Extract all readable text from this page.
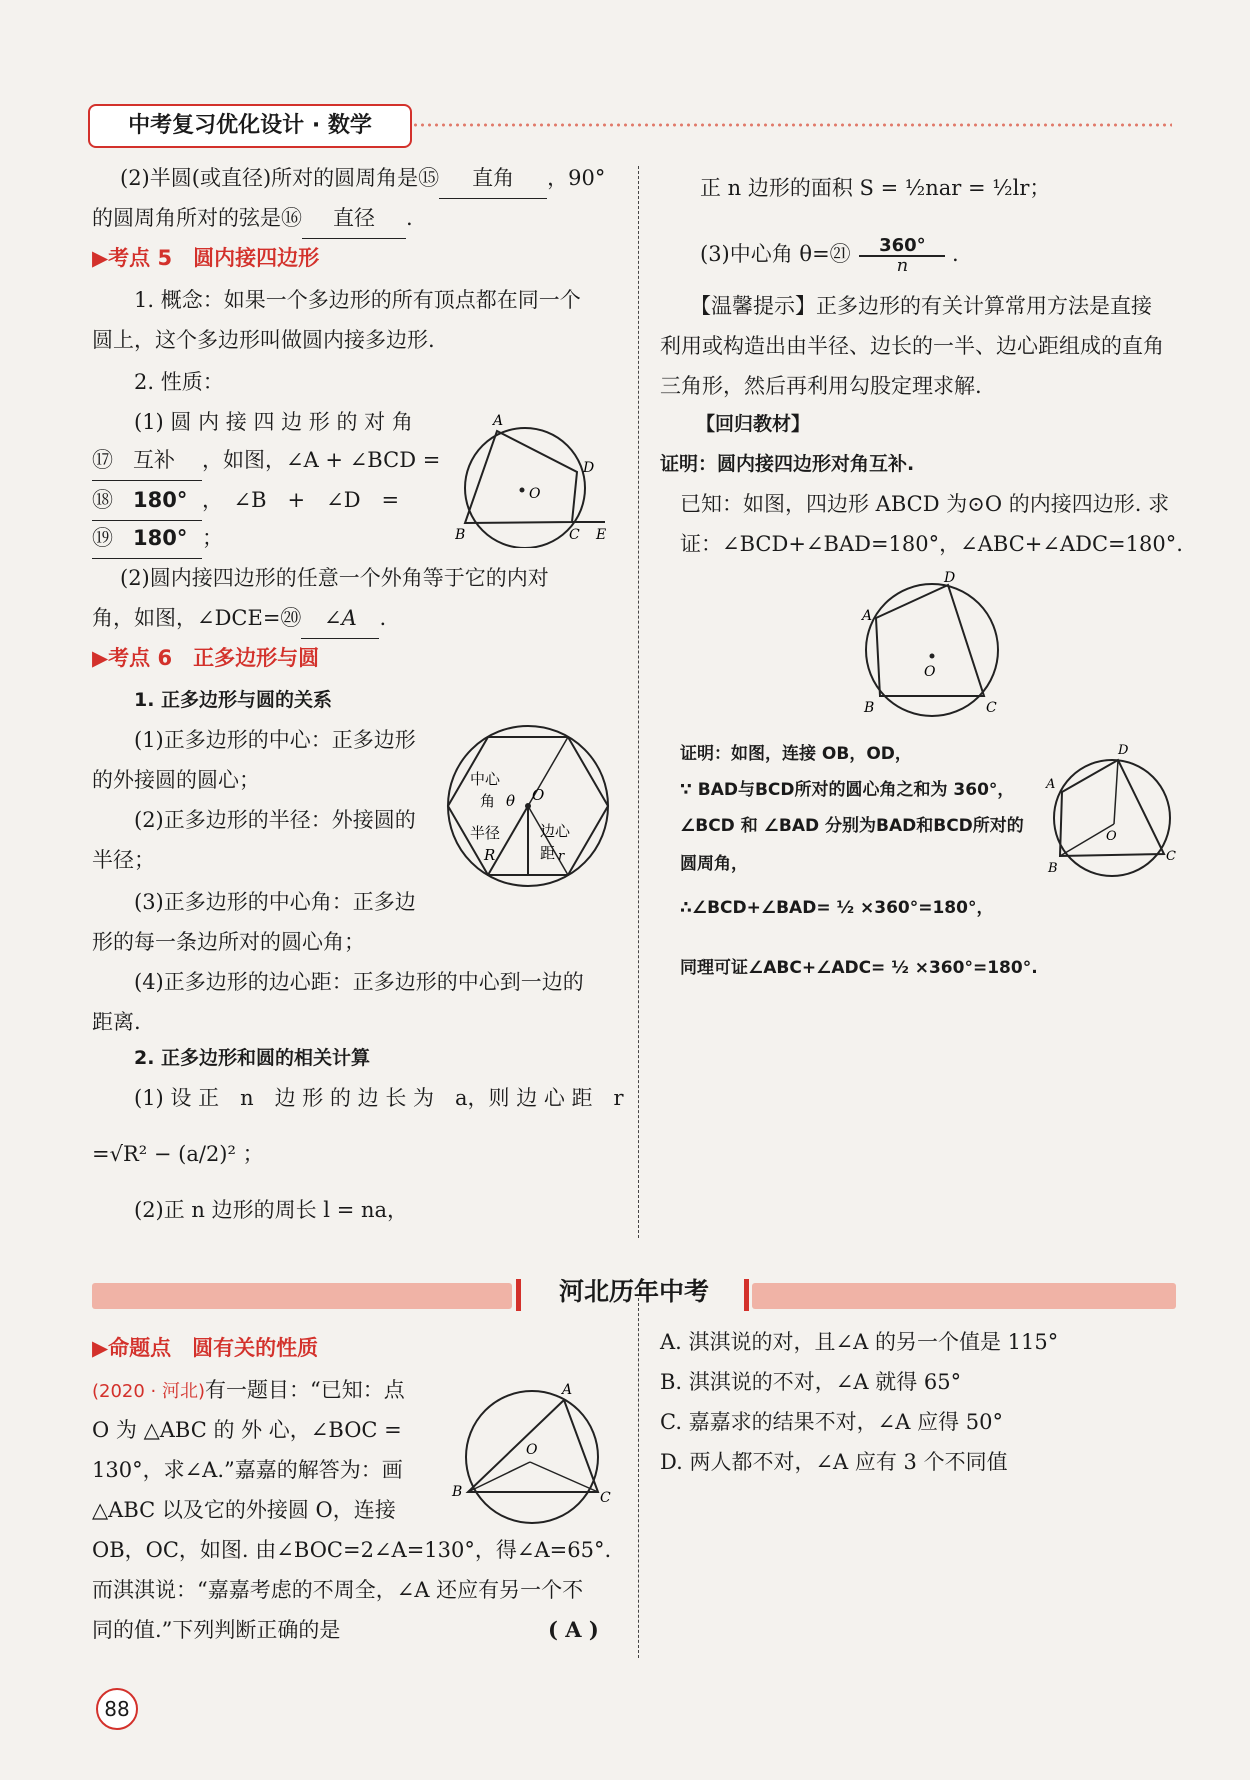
中考复习优化设计 · 数学
(2)半圆(或直径)所对的圆周角是⑮ 直角 ，90°
的圆周角所对的弦是⑯ 直径 .
▶考点 5　圆内接四边形
1. 概念：如果一个多边形的所有顶点都在同一个
圆上，这个多边形叫做圆内接多边形.
2. 性质：
(1) 圆 内 接 四 边 形 的 对 角
⑰ 互补 ，如图，∠A + ∠BCD =
⑱ 180° ，　∠B　+　∠D　=
⑲ 180° ；
A
D
O
B	C E
(2)圆内接四边形的任意一个外角等于它的内对
角，如图，∠DCE=⑳ ∠A .
▶考点 6　正多边形与圆
1. 正多边形与圆的关系
(1)正多边形的中心：正多边形
的外接圆的圆心；
(2)正多边形的半径：外接圆的
半径；
(3)正多边形的中心角：正多边
形的每一条边所对的圆心角；
(4)正多边形的边心距：正多边形的中心到一边的
距离.
中心
角 θ O
半径
R
边心
距 r
2. 正多边形和圆的相关计算
(1) 设 正　n　边 形 的 边 长 为　a，则 边 心 距　r
=√R² − (a/2)² ；
(2)正 n 边形的周长 l = na，
正 n 边形的面积 S = ½nar = ½lr；
(3)中心角 θ=㉑ $\frac{360^\circ}{n}$ .
【温馨提示】正多边形的有关计算常用方法是直接
利用或构造出由半径、边长的一半、边心距组成的直角
三角形，然后再利用勾股定理求解.
【回归教材】
证明：圆内接四边形对角互补.
已知：如图，四边形 ABCD 为⊙O 的内接四边形. 求
证：∠BCD+∠BAD=180°，∠ABC+∠ADC=180°.
A
D
O
B	C
证明：如图，连接 OB，OD，
∵ BAD与BCD所对的圆心角之和为 360°，
∠BCD 和 ∠BAD 分别为BAD和BCD所对的
圆周角，
∴∠BCD+∠BAD= ½ ×360°=180°，
同理可证∠ABC+∠ADC= ½ ×360°=180°.
A
D
O
B
C
河北历年中考
▶命题点　圆有关的性质
(2020 · 河北)有一题目：“已知：点
O 为 △ABC 的 外 心，∠BOC =
130°，求∠A.”嘉嘉的解答为：画
△ABC 以及它的外接圆 O，连接
OB，OC，如图. 由∠BOC=2∠A=130°，得∠A=65°.
而淇淇说：“嘉嘉考虑的不周全，∠A 还应有另一个不
同的值.”下列判断正确的是	( A )
A
O
B	C
A. 淇淇说的对，且∠A 的另一个值是 115°
B. 淇淇说的不对，∠A 就得 65°
C. 嘉嘉求的结果不对，∠A 应得 50°
D. 两人都不对，∠A 应有 3 个不同值
88
